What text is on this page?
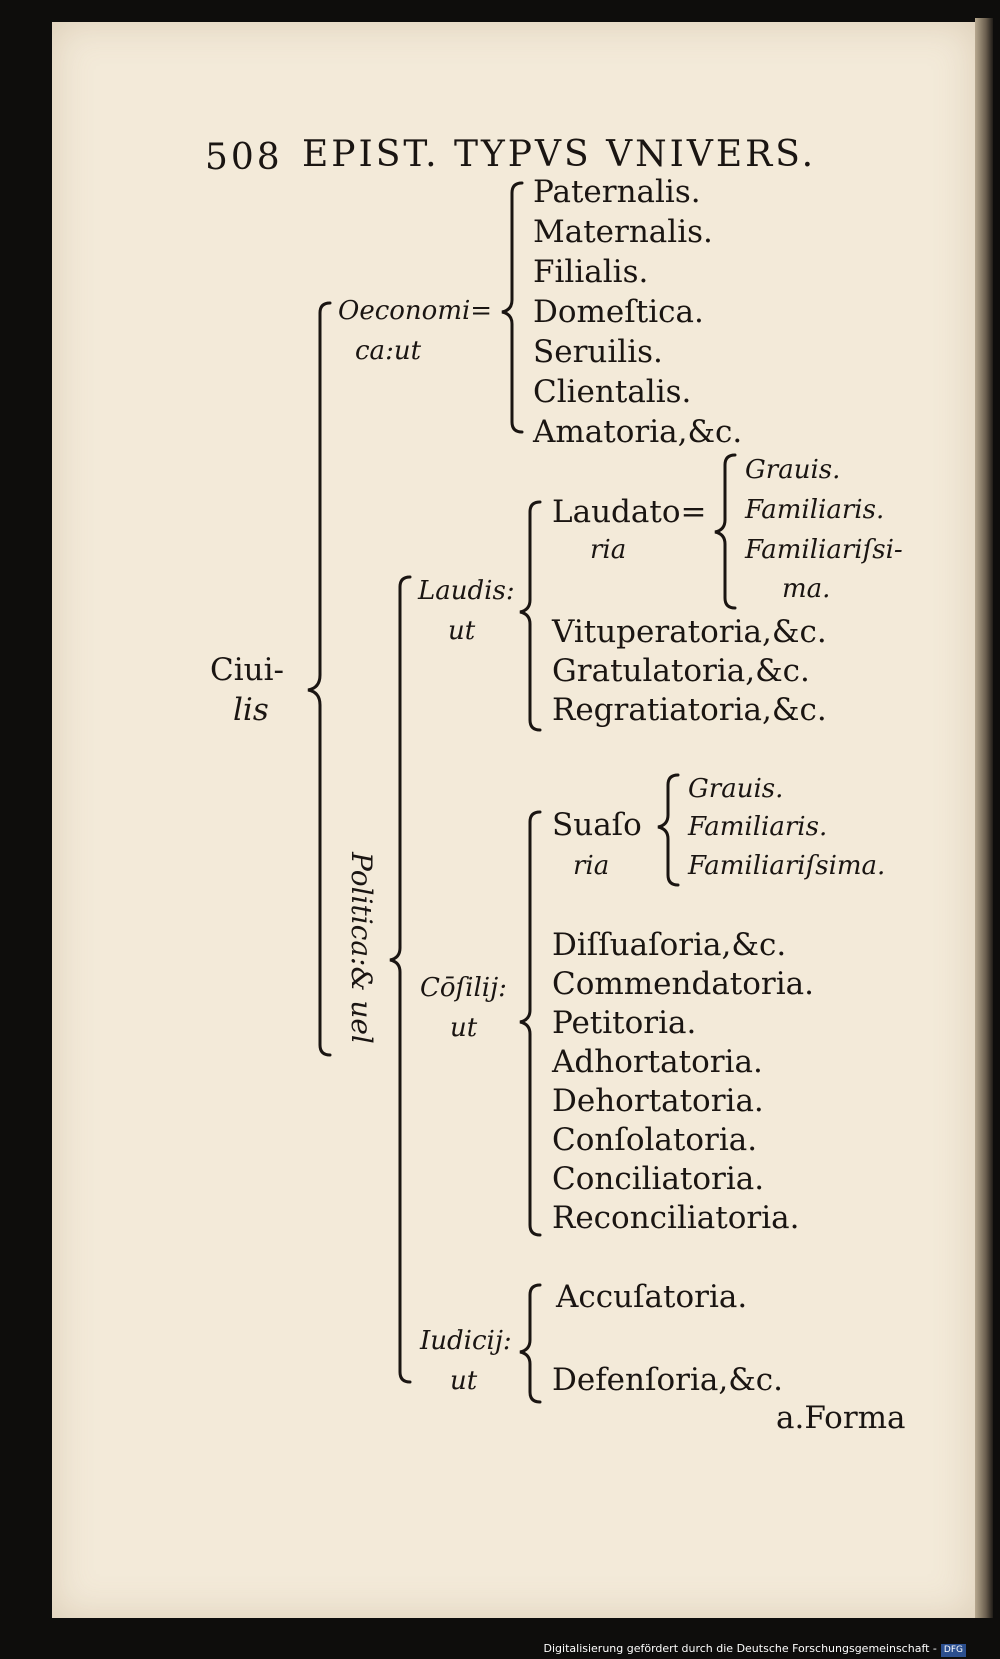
508 EPIST. TYPVS VNIVERS.
Ciui-
lis
Oeconomi=
ca:ut
Paternalis.
Maternalis.
Filialis.
Domeſtica.
Seruilis.
Clientalis.
Amatoria,&c.
Politica:& uel
Laudis:
ut
Laudato=
ria
Grauis.
Familiaris.
Familiariſsi-
ma.
Vituperatoria,&c.
Gratulatoria,&c.
Regratiatoria,&c.
Cōſilij:
ut
Suaſo
ria
Grauis.
Familiaris.
Familiariſsima.
Diſſuaſoria,&c.
Commendatoria.
Petitoria.
Adhortatoria.
Dehortatoria.
Conſolatoria.
Conciliatoria.
Reconciliatoria.
Iudicij:
ut
Accuſatoria.
Defenſoria,&c.
a.Forma
Digitalisierung gefördert durch die Deutsche Forschungsgemeinschaft - DFG
